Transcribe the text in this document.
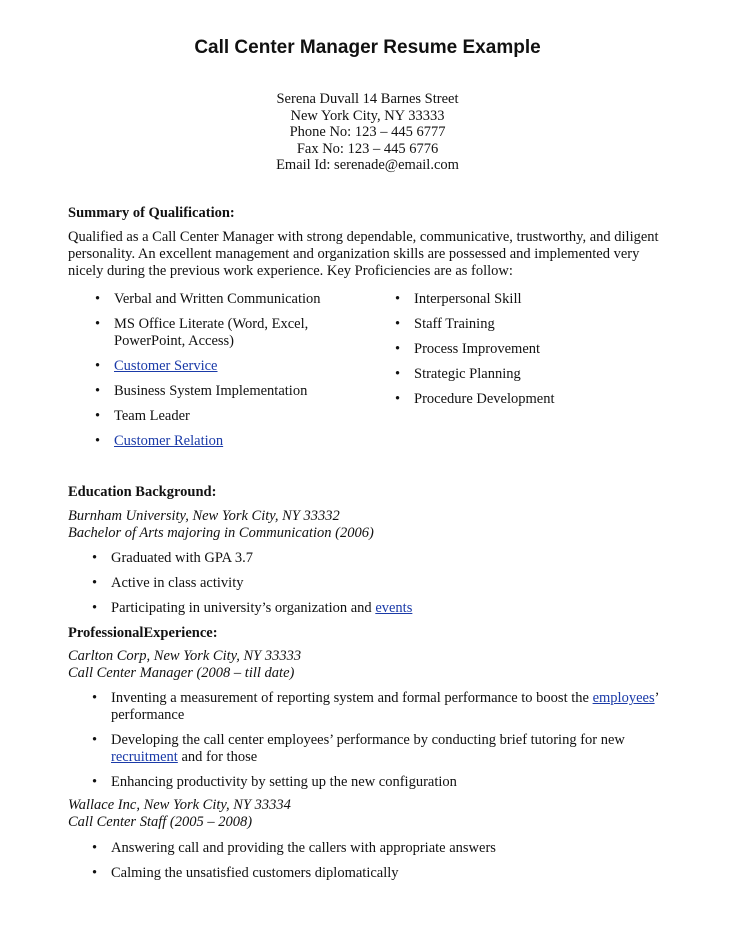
Call Center Manager Resume Example
Serena Duvall 14 Barnes Street
New York City, NY 33333
Phone No: 123 – 445 6777
Fax No: 123 – 445 6776
Email Id: serenade@email.com
Summary of Qualification:
Qualified as a Call Center Manager with strong dependable, communicative, trustworthy, and diligent
personality. An excellent management and organization skills are possessed and implemented very
nicely during the previous work experience. Key Proficiencies are as follow:
• Verbal and Written Communication
• MS Office Literate (Word, Excel,
PowerPoint, Access)
• Customer Service
• Business System Implementation
• Team Leader
• Customer Relation
• Interpersonal Skill
• Staff Training
• Process Improvement
• Strategic Planning
• Procedure Development
Education Background:
Burnham University, New York City, NY 33332
Bachelor of Arts majoring in Communication (2006)
• Graduated with GPA 3.7
• Active in class activity
• Participating in university’s organization and events
ProfessionalExperience:
Carlton Corp, New York City, NY 33333
Call Center Manager (2008 – till date)
• Inventing a measurement of reporting system and formal performance to boost the employees’
performance
• Developing the call center employees’ performance by conducting brief tutoring for new
recruitment and for those
• Enhancing productivity by setting up the new configuration
Wallace Inc, New York City, NY 33334
Call Center Staff (2005 – 2008)
• Answering call and providing the callers with appropriate answers
• Calming the unsatisfied customers diplomatically
